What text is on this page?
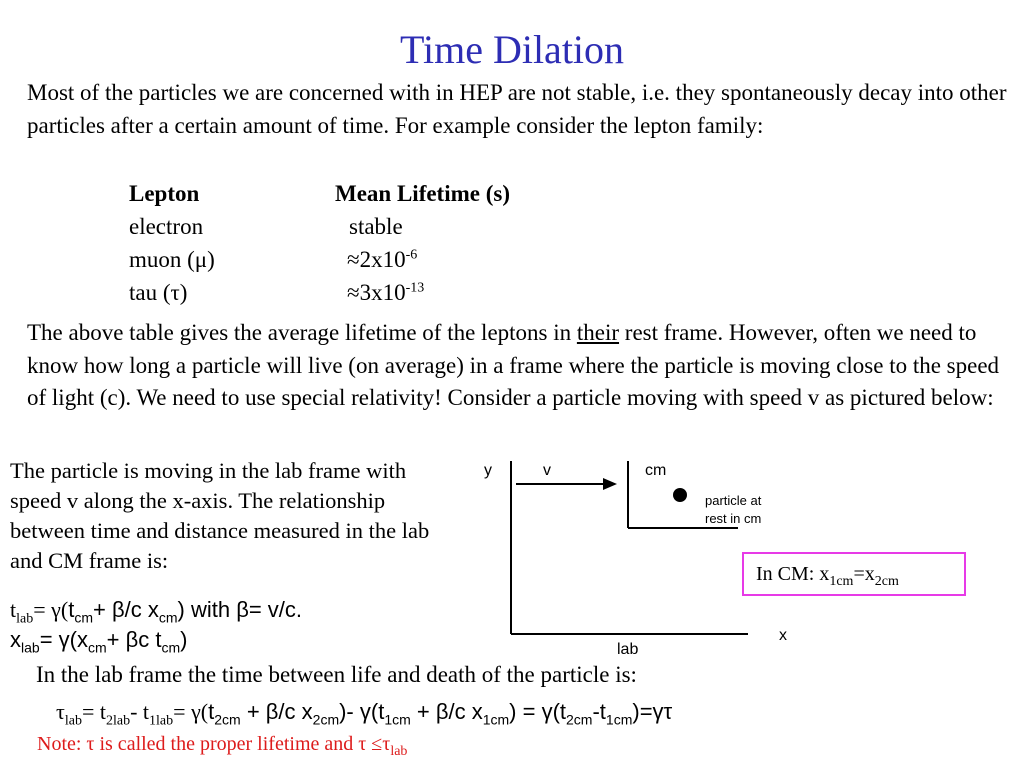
Time Dilation
Most of the particles we are concerned with in HEP are not stable, i.e. they spontaneously decay into other particles after a certain amount of time. For example consider the lepton family:
Lepton	Mean Lifetime (s)
electron	stable
muon (μ)	$\approx 2x10^{-6}$
tau (τ)	$\approx 3x10^{-13}$
The above table gives the average lifetime of the leptons in their rest frame. However, often we need to know how long a particle will live (on average) in a frame where the particle is moving close to the speed of light (c). We need to use special relativity! Consider a particle moving with speed v as pictured below:
The particle is moving in the lab frame with speed v along the x-axis. The relationship between time and distance measured in the lab and CM frame is:
$t_{lab}= \gamma(t_{cm}+ \beta/c$ $x_{cm}$) with β= v/c.
$x_{lab}= \gamma(x_{cm}+ \beta c$ $t_{cm}$)
y	v	cm
particle at
rest in cm
x
lab
In CM: $x_{1cm}=x_{2cm}$
In the lab frame the time between life and death of the particle is:
$\tau_{lab}= t_{2lab}-$ $t_{1lab}= \gamma(t_{2cm} + \beta/c$ $x_{2cm})-$ $\gamma(t_{1cm} + \beta/c$ $x_{1cm}) = \gamma(t_{2cm}-t_{1cm})=\gamma\tau$
Note: τ is called the proper lifetime and $\tau \le\tau_{lab}$
